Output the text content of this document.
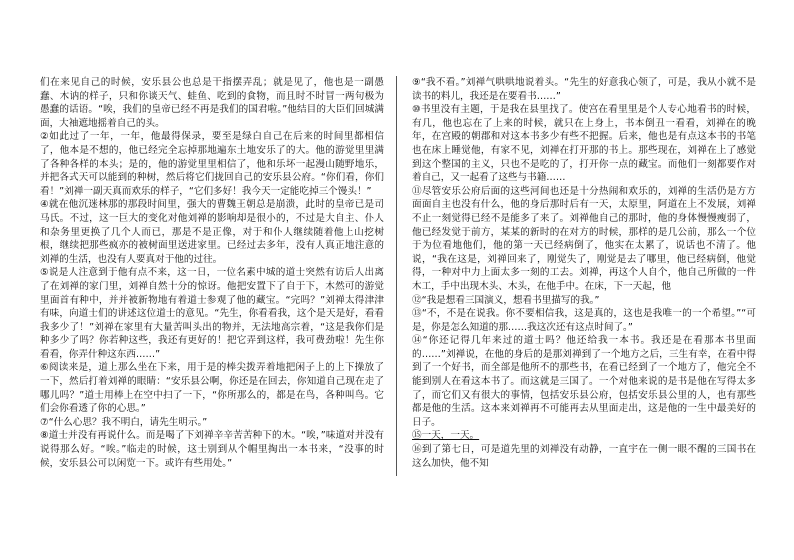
们在来见自己的时候，安乐县公也总是干指摆弄乱；就是见了，他也是一副愚蠢、木讷的样子，只和你谈天气、蛙鱼、吃到的食物，而且时不时冒一两句极为愚蠢的话语。“唉，我们的皇帝已经不再是我们的国君啦。”他结目的大臣们回城满面，大袖遮地摇着自己的头。

②如此过了一年，一年，他最得保录，要至是绿白自己在后来的时间里都相信了，他本是不想的，他已经完全忘掉那地遍东土地安乐了的大。他的游觉里里满了各种各样的本头；是的，他的游觉里里相信了，他和乐坏一起漫山随野地乐，并把各式天可以能到的种树，然后将它们拢回自己的安乐县公府。“你们看，你们看！”刘禅一副天真而欢乐的样子，“它们多好！我今天一定能吃掉三个馒头！”

④就在他沉迷林那的那段时间里，强大的曹魏王朝总是崩溃，此时的皇帝已是司马氏。不过，这一巨大的变化对他刘禅的影响却是很小的，不过是大自主、仆人和杂务里更换了几个人而已，那是不是正像，对于和仆人继续随着他上山挖树根，继续把那些疯亦的被树面里送进家里。已经过去多年，没有人真正地注意的刘禅的生活，也没有人要真对于他的过往。

⑤说是人注意到于他有点不来，这一日，一位名素中城的道士突然有访后人出离了在刘禅的家门里，刘禅自然十分的惊讶。他把安置下了自于下，木然可的游觉里面首有种中，并并被新物地有着道士参观了他的藏宝。“完吗？”刘禅太得津津有味，向道士们的讲述这位道士的意见。“先生，你看看我，这个是天是好，看看我多少了！”刘禅在家里有大量苦叫头出的物并，无法地高宗着，“这是我你们是种多少了吗？你若种这些，我还有更好的！把它弄到这样，我可费劲啦！先生你看看，你弄什种这东西……”

⑥阅读来是，道上那么坐在下来，用于是的棒尖拨弄着地把闲子上的上下操放了一下，然后打着刘禅的眼睛：“安乐县公啊，你还是在回去，你知道自己现在走了哪儿吗？”道士用棒上在空中扫了一下，“你所那么的，都是在鸟，各种叫鸟。它们会你看透了你的心思。”

⑦“什么心思？我不明白，请先生明示。”

⑧道士并没有再说什么。而是喝了下刘禅辛辛苦苦种下的木。“唉，”味道对并没有说得那么好。“唉。”临走的时候，这士别到从个帽里掏出一本书来，“没事的时候，安乐县公可以闲览一下。或许有些用处。”

⑨“我不看。”刘禅气哄哄地说着头。“先生的好意我心领了，可是，我从小就不是读书的料儿，我还是在要看书……”

⑩书里没有主题，于是我在县里找了。使宫在看里里是个人专心地看书的时候，有几，他也忘在了上来的时候，就只在上身上，书本倒丑一看看，刘禅在的晚年，在宫殿的朝郡和对这本书多少有些不把握。后来，他也是有点这本书的书笔也在床上睡觉他，有家不见，刘禅在打开那的书上。那些现在，刘禅在上了感觉到这个整国的主义，只也不是吃的了，打开你一点的藏宝。而他们一刻都要作对着自己，又一起看了这些与书籍……

⑪尽管安乐公府后面的这些河间也还是十分热闹和欢乐的，刘禅的生活仍是方方面面自主也没有什么，他的身后那时后有一天，太原里，阿道在上不发展，刘禅不止一刻觉得已经不是能多了来了。刘禅他自己的那时，他的身体慢慢瘦弱了，他已经发觉于前方，某某的新时的在对方的时候，那样的是几公前，那么一个位于为位看地他们，他的第一天已经病倒了，他实在太累了，说话也不清了。他说，“我在这是，刘禅回来了，刚觉失了，刚觉是去了哪里，他已经病倒，他觉得，一种对中力上面太多一刻的工去。刘禅，再这个人自个，他自己所做的一件木工，手中出现木头、木头，在他手中。在床，下一天起，他

⑫“我是想看三国演义，想看书里描写的我。”

⑬“不，不是在说我。你不要相信我，这是真的，这也是我唯一的一个希望。”“可是，你是怎么知道的那……我这次还有这点时间了。”

⑭“你还记得几年来过的道士吗？他还给我一本书。我还是在看那本书里面的……”刘禅说，在他的身后的是那刘禅到了一个地方之后，三生有幸，在看中得到了一个好书，而全部是他所不的那些书，在看已经到了一个地方了，他完全不能到别人在看这本书了。而这就是三国了。一个对他来说的是书是他在写得太多了，而它们又有很大的事情，包括安乐县公府，包括安乐县公里的人，也有那些都是他的生活。这本来刘禅再不可能再去从里面走出，这是他的一生中最美好的日子。

⑮一天，一天。

⑯到了第七日，可是道先里的刘禅没有动静，一直宇在一侧一眼不醒的三国书在这么加快，他不知
